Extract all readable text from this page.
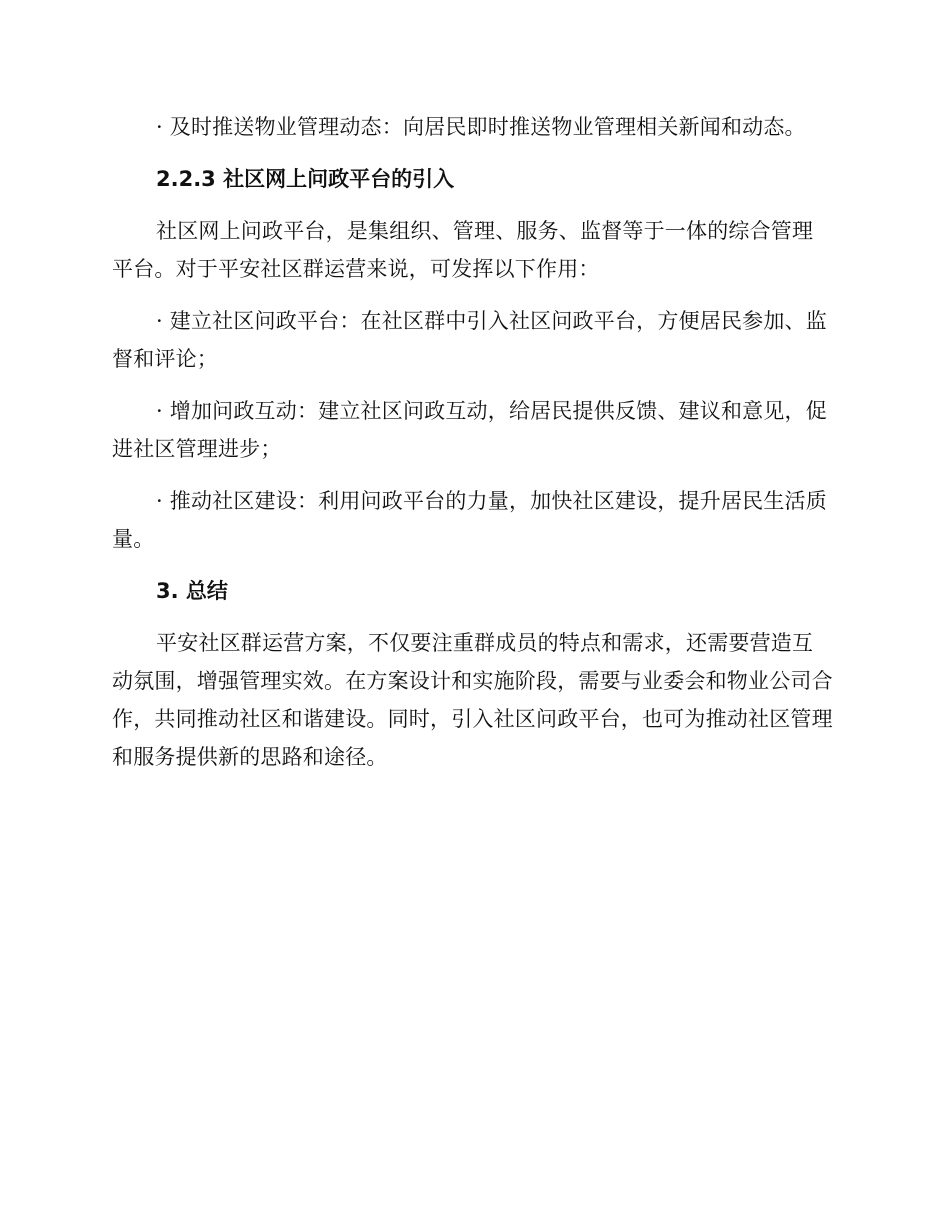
· 及时推送物业管理动态：向居民即时推送物业管理相关新闻和动态。

2.2.3 社区网上问政平台的引入

社区网上问政平台，是集组织、管理、服务、监督等于一体的综合管理平台。对于平安社区群运营来说，可发挥以下作用：

· 建立社区问政平台：在社区群中引入社区问政平台，方便居民参加、监督和评论；

· 增加问政互动：建立社区问政互动，给居民提供反馈、建议和意见，促进社区管理进步；

· 推动社区建设：利用问政平台的力量，加快社区建设，提升居民生活质量。

3. 总结

平安社区群运营方案，不仅要注重群成员的特点和需求，还需要营造互动氛围，增强管理实效。在方案设计和实施阶段，需要与业委会和物业公司合作，共同推动社区和谐建设。同时，引入社区问政平台，也可为推动社区管理和服务提供新的思路和途径。
